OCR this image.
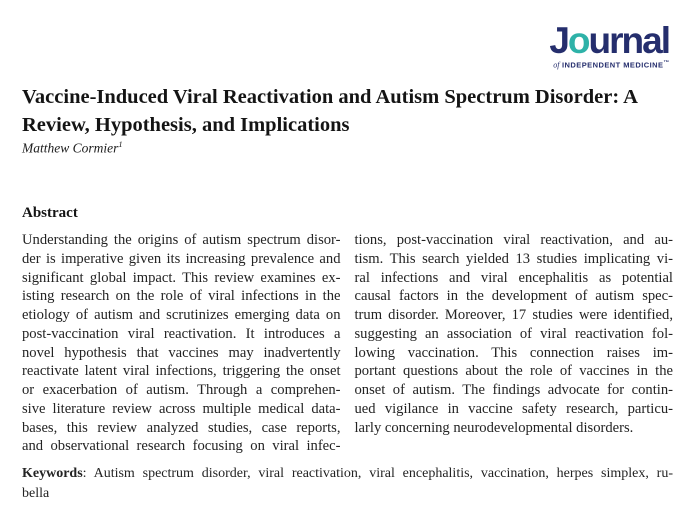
Journal
of INDEPENDENT MEDICINE™
Vaccine-Induced Viral Reactivation and Autism Spectrum Disorder: A
Review, Hypothesis, and Implications
Matthew Cormier$^1$
Abstract
Understanding the origins of autism spectrum disor-
der is imperative given its increasing prevalence and
significant global impact. This review examines ex-
isting research on the role of viral infections in the
etiology of autism and scrutinizes emerging data on
post-vaccination viral reactivation. It introduces a
novel hypothesis that vaccines may inadvertently
reactivate latent viral infections, triggering the onset
or exacerbation of autism. Through a comprehen-
sive literature review across multiple medical data-
bases, this review analyzed studies, case reports,
and observational research focusing on viral infec-
tions, post-vaccination viral reactivation, and au-
tism. This search yielded 13 studies implicating vi-
ral infections and viral encephalitis as potential
causal factors in the development of autism spec-
trum disorder. Moreover, 17 studies were identified,
suggesting an association of viral reactivation fol-
lowing vaccination. This connection raises im-
portant questions about the role of vaccines in the
onset of autism. The findings advocate for contin-
ued vigilance in vaccine safety research, particu-
larly concerning neurodevelopmental disorders.
Keywords: Autism spectrum disorder, viral reactivation, viral encephalitis, vaccination, herpes simplex, ru-
bella
